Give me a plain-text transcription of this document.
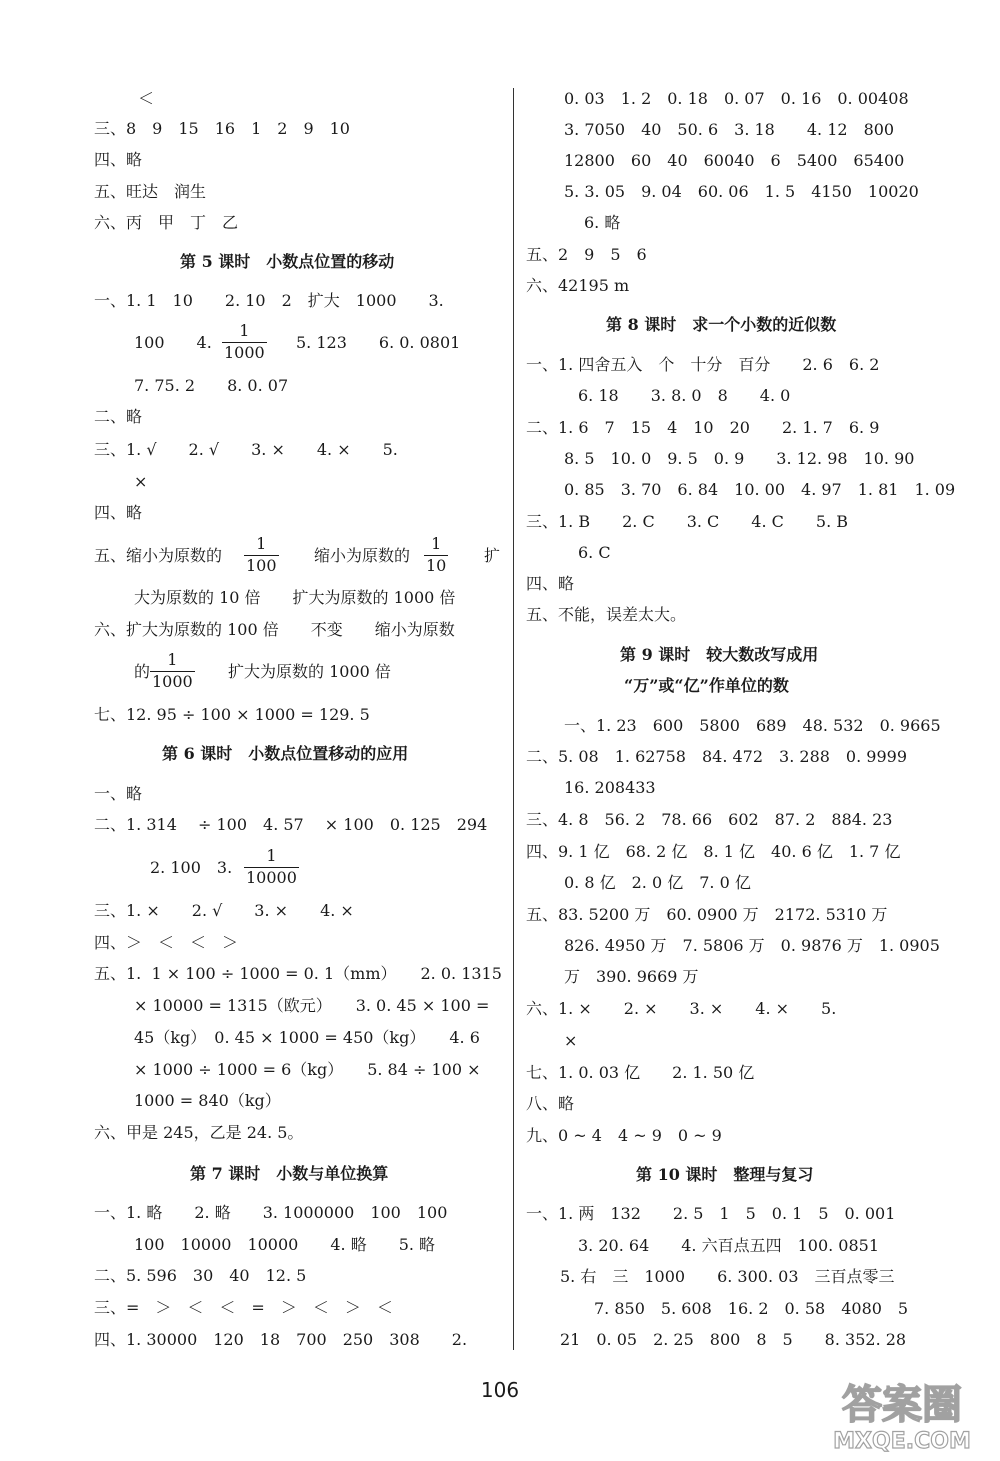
＜
三、8　9　15　16　1　2　9　10
四、略
五、旺达　润生
六、丙　甲　丁　乙
第 5 课时　小数点位置的移动
一、1. 1　10　　2. 10　2　扩大　1000　　3.
100　　4. $\frac{1}{1000} 5$. 123　　6. 0. 0801
7. 75. 2　　8. 0. 07
二、略
三、1. √　　2. √　　3. ×　　4. ×　　5.
×
四、略
五、缩小为原数的 $\frac{1}{100}$ 缩小为原数的 $\frac{1}{10}$ 扩
大为原数的 10 倍　　扩大为原数的 1000 倍
六、扩大为原数的 100 倍　　不变　　缩小为原数
的 $\frac{1}{1000}$ 扩大为原数的 1000 倍
七、12. 95 ÷ 100 × 1000 = 129. 5
第 6 课时　小数点位置移动的应用
一、略
二、1. 314　 ÷ 100　4. 57　 × 100　0. 125　294
2. 100　3. $\frac{1}{10000}$
三、1. ×　　2. √　　3. ×　　4. ×
四、＞　＜　＜　＞
五、1.  1 × 100 ÷ 1000 = 0. 1（mm）　　2. 0. 1315
× 10000 = 1315（欧元）　　3. 0. 45 × 100 =
45（kg）　0. 45 × 1000 = 450（kg）　　4. 6
× 1000 ÷ 1000 = 6（kg）　　5. 84 ÷ 100 ×
1000 = 840（kg）
六、甲是 245，乙是 24. 5。
第 7 课时　小数与单位换算
一、1. 略　　2. 略　　3. 1000000　100　100
100　10000　10000　　4. 略　　5. 略
二、5. 596　30　40　12. 5
三、=　＞　＜　＜　=　＞　＜　＞　＜
四、1. 30000　120　18　700　250　308　　2.
0. 03　1. 2　0. 18　0. 07　0. 16　0. 00408
3. 7050　40　50. 6　3. 18　　4. 12　800
12800　60　40　60040　6　5400　65400
5. 3. 05　9. 04　60. 06　1. 5　4150　10020
6. 略
五、2　9　5　6
六、42195 m
第 8 课时　求一个小数的近似数
一、1. 四舍五入　个　十分　百分　　2. 6　6. 2
6. 18　　3. 8. 0　8　　4. 0
二、1. 6　7　15　4　10　20　　2. 1. 7　6. 9
8. 5　10. 0　9. 5　0. 9　　3. 12. 98　10. 90
0. 85　3. 70　6. 84　10. 00　4. 97　1. 81　1. 09
三、1. B　　2. C　　3. C　　4. C　　5. B
6. C
四、略
五、不能，误差太大。
第 9 课时　较大数改写成用
“万”或“亿”作单位的数
一、1. 23　600　5800　689　48. 532　0. 9665
二、5. 08　1. 62758　84. 472　3. 288　0. 9999
16. 208433
三、4. 8　56. 2　78. 66　602　87. 2　884. 23
四、9. 1 亿　68. 2 亿　8. 1 亿　40. 6 亿　1. 7 亿
0. 8 亿　2. 0 亿　7. 0 亿
五、83. 5200 万　60. 0900 万　2172. 5310 万
826. 4950 万　7. 5806 万　0. 9876 万　1. 0905
万　390. 9669 万
六、1. ×　　2. ×　　3. ×　　4. ×　　5.
×
七、1. 0. 03 亿　　2. 1. 50 亿
八、略
九、0 ~ 4　4 ~ 9　0 ~ 9
第 10 课时　整理与复习
一、1. 两　132　　2. 5　1　5　0. 1　5　0. 001
3. 20. 64　　4. 六百点五四　100. 0851
5. 右　三　1000　　6. 300. 03　三百点零三
7. 850　5. 608　16. 2　0. 58　4080　5
21　0. 05　2. 25　800　8　5　　8. 352. 28
106	答案圈
MXQE.COM
